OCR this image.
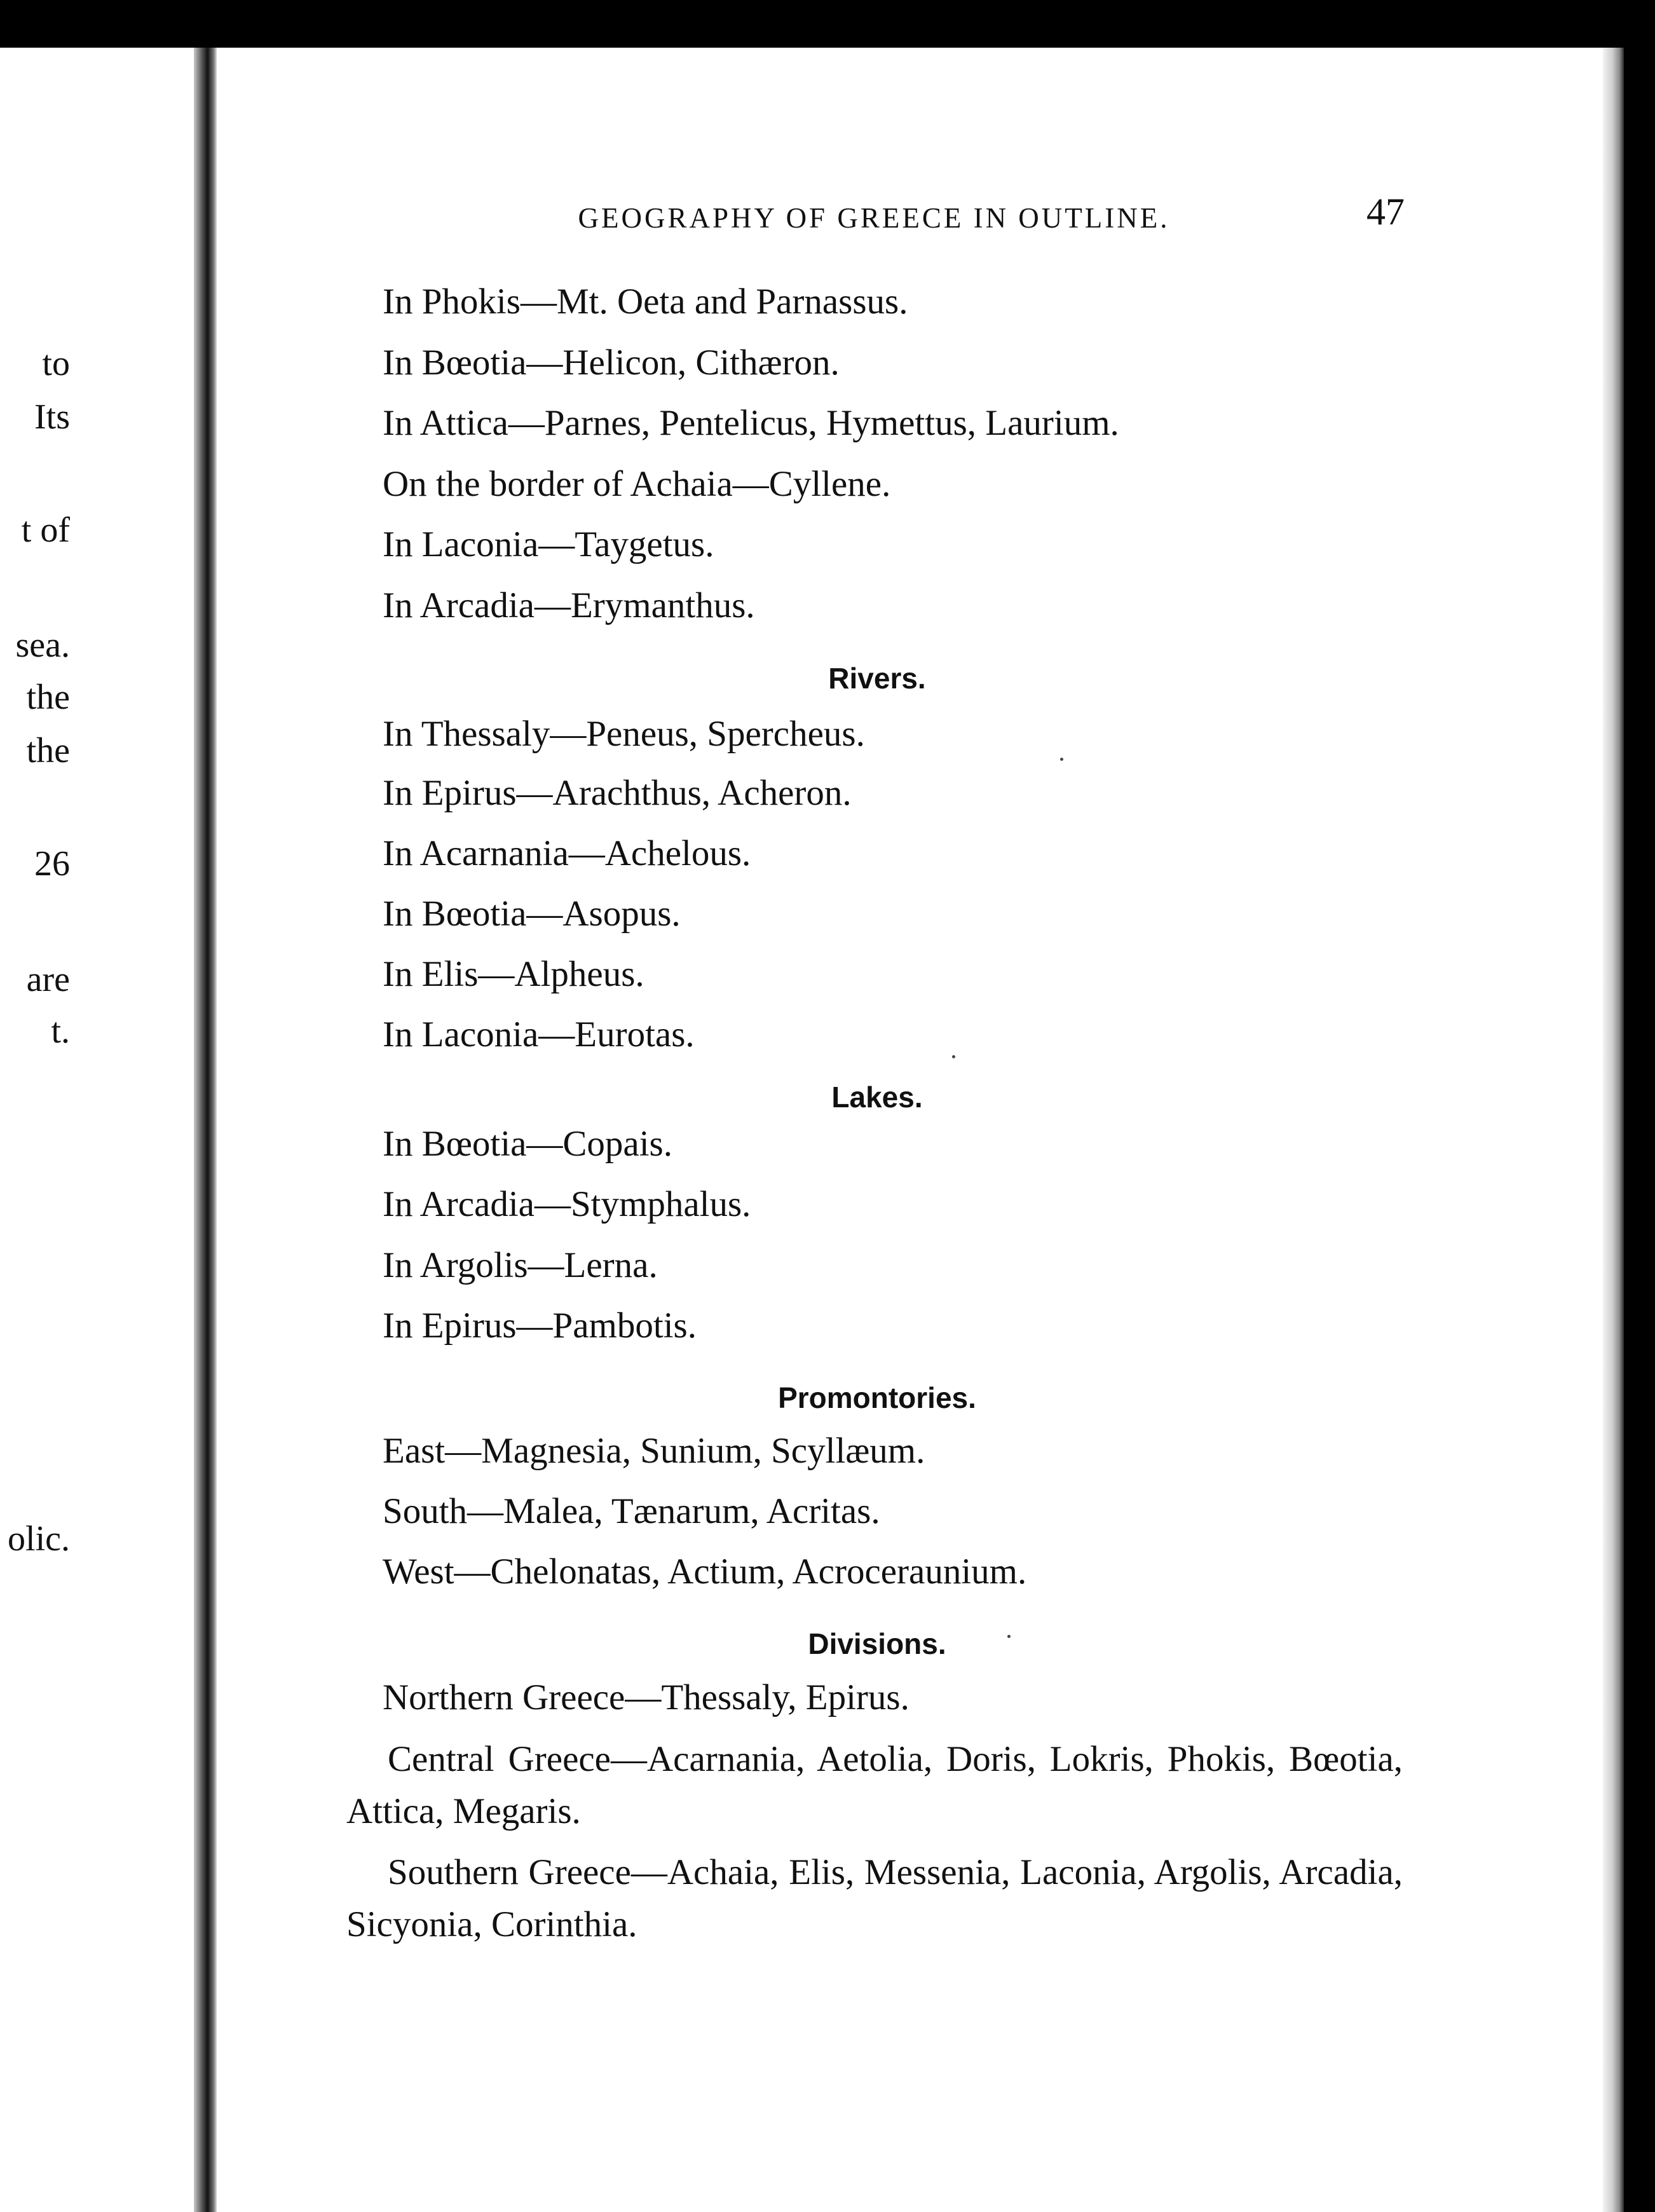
to
Its
t of
sea.
the
the
26
are
t.
olic.
GEOGRAPHY OF GREECE IN OUTLINE.	47
In Phokis—Mt. Oeta and Parnassus.
In Bœotia—Helicon, Cithæron.
In Attica—Parnes, Pentelicus, Hymettus, Laurium.
On the border of Achaia—Cyllene.
In Laconia—Taygetus.
In Arcadia—Erymanthus.
Rivers.
In Thessaly—Peneus, Spercheus.
In Epirus—Arachthus, Acheron.
In Acarnania—Achelous.
In Bœotia—Asopus.
In Elis—Alpheus.
In Laconia—Eurotas.
Lakes.
In Bœotia—Copais.
In Arcadia—Stymphalus.
In Argolis—Lerna.
In Epirus—Pambotis.
Promontories.
East—Magnesia, Sunium, Scyllæum.
South—Malea, Tænarum, Acritas.
West—Chelonatas, Actium, Acroceraunium.
Divisions.
Northern Greece—Thessaly, Epirus.
Central Greece—Acarnania, Aetolia, Doris, Lokris, Phokis, Bœotia, Attica, Megaris.
Southern Greece—Achaia, Elis, Messenia, Laconia, Argolis, Arcadia, Sicyonia, Corinthia.
